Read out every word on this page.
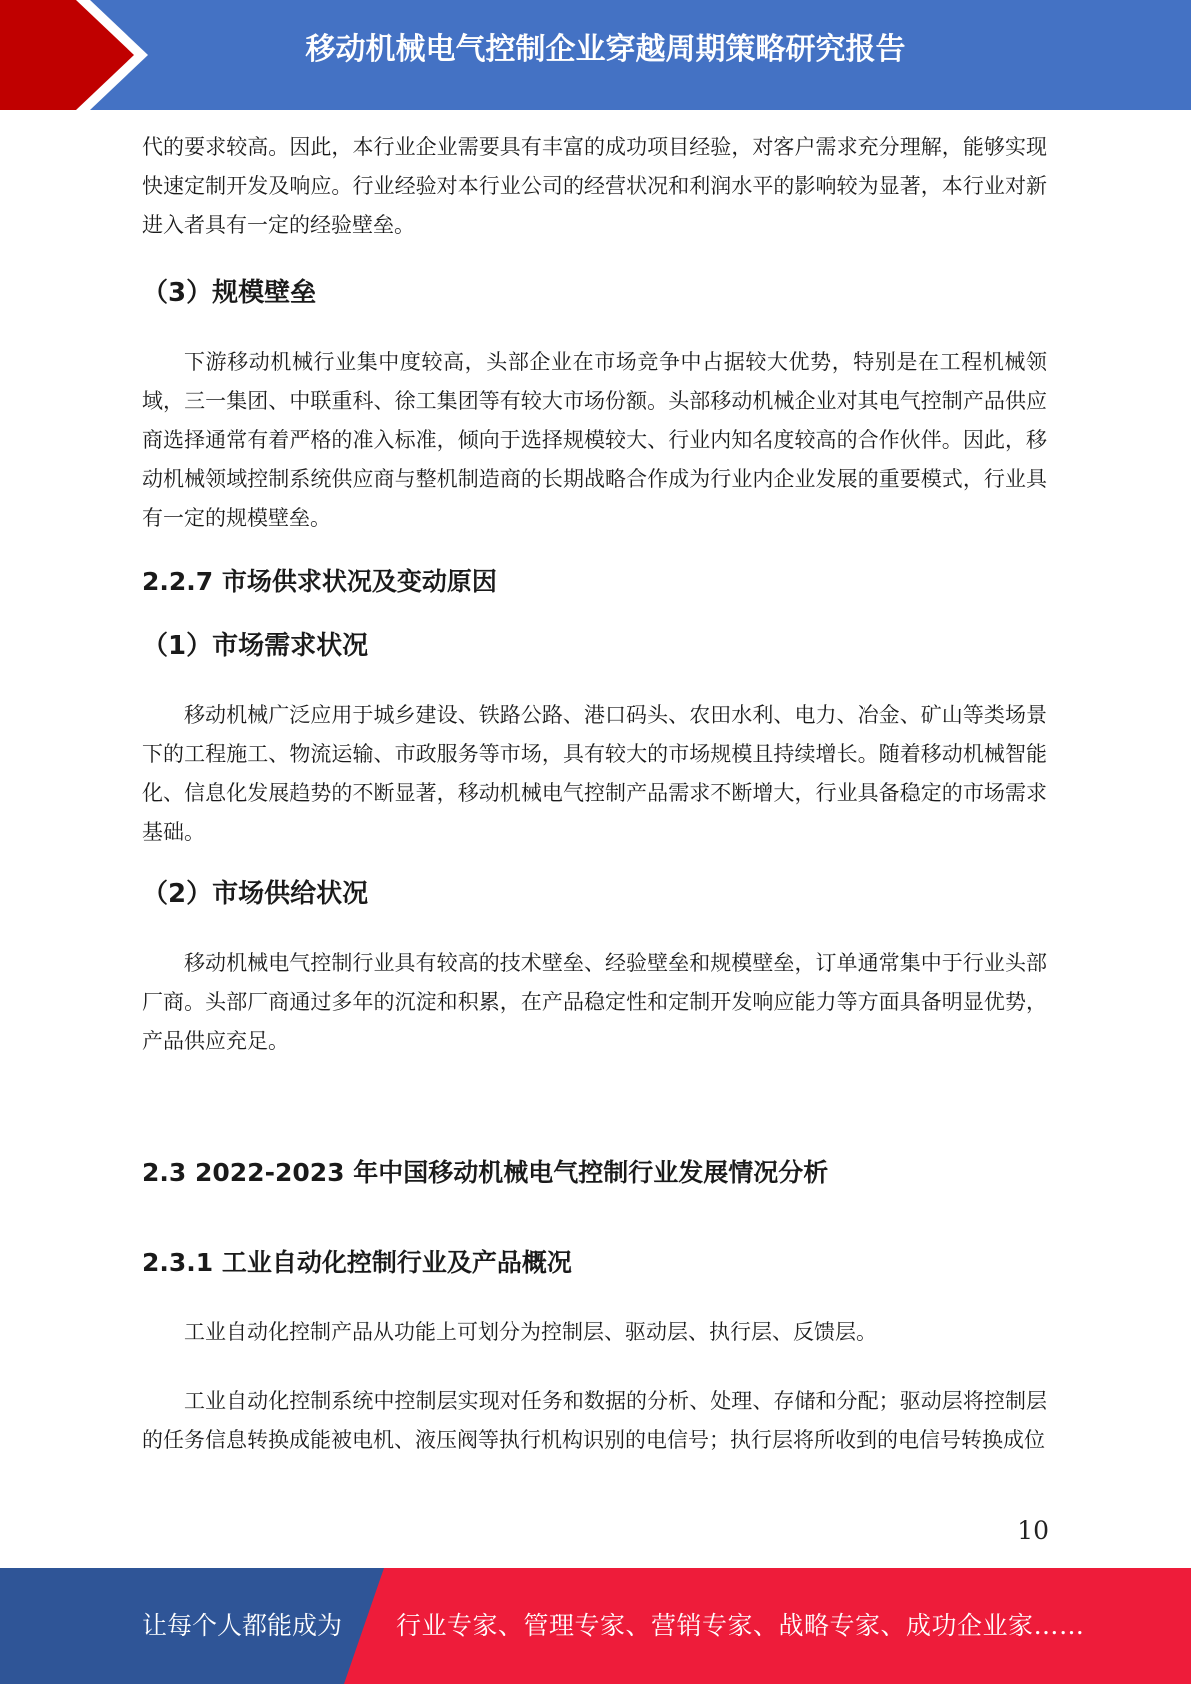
移动机械电气控制企业穿越周期策略研究报告

代的要求较高。因此，本行业企业需要具有丰富的成功项目经验，对客户需求充分理解，能够实现快速定制开发及响应。行业经验对本行业公司的经营状况和利润水平的影响较为显著，本行业对新进入者具有一定的经验壁垒。

（3）规模壁垒

下游移动机械行业集中度较高，头部企业在市场竞争中占据较大优势，特别是在工程机械领域，三一集团、中联重科、徐工集团等有较大市场份额。头部移动机械企业对其电气控制产品供应商选择通常有着严格的准入标准，倾向于选择规模较大、行业内知名度较高的合作伙伴。因此，移动机械领域控制系统供应商与整机制造商的长期战略合作成为行业内企业发展的重要模式，行业具有一定的规模壁垒。

2.2.7 市场供求状况及变动原因
（1）市场需求状况

移动机械广泛应用于城乡建设、铁路公路、港口码头、农田水利、电力、冶金、矿山等类场景下的工程施工、物流运输、市政服务等市场，具有较大的市场规模且持续增长。随着移动机械智能化、信息化发展趋势的不断显著，移动机械电气控制产品需求不断增大，行业具备稳定的市场需求基础。

（2）市场供给状况

移动机械电气控制行业具有较高的技术壁垒、经验壁垒和规模壁垒，订单通常集中于行业头部厂商。头部厂商通过多年的沉淀和积累，在产品稳定性和定制开发响应能力等方面具备明显优势，产品供应充足。

2.3 2022-2023 年中国移动机械电气控制行业发展情况分析
2.3.1 工业自动化控制行业及产品概况

工业自动化控制产品从功能上可划分为控制层、驱动层、执行层、反馈层。

工业自动化控制系统中控制层实现对任务和数据的分析、处理、存储和分配；驱动层将控制层的任务信息转换成能被电机、液压阀等执行机构识别的电信号；执行层将所收到的电信号转换成位

10
让每个人都能成为 行业专家、管理专家、营销专家、战略专家、成功企业家……
